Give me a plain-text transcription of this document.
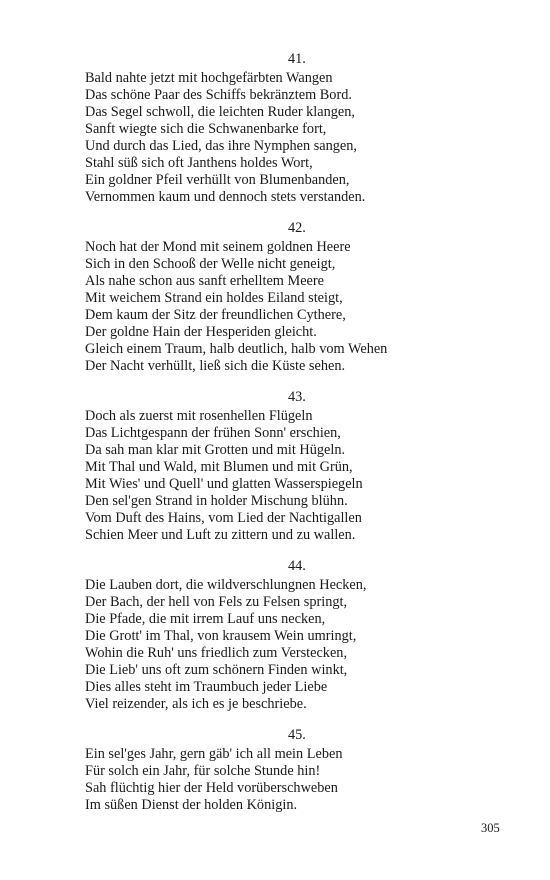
41.
Bald nahte jetzt mit hochgefärbten Wangen
Das schöne Paar des Schiffs bekränztem Bord.
Das Segel schwoll, die leichten Ruder klangen,
Sanft wiegte sich die Schwanenbarke fort,
Und durch das Lied, das ihre Nymphen sangen,
Stahl süß sich oft Janthens holdes Wort,
Ein goldner Pfeil verhüllt von Blumenbanden,
Vernommen kaum und dennoch stets verstanden.
42.
Noch hat der Mond mit seinem goldnen Heere
Sich in den Schooß der Welle nicht geneigt,
Als nahe schon aus sanft erhelltem Meere
Mit weichem Strand ein holdes Eiland steigt,
Dem kaum der Sitz der freundlichen Cythere,
Der goldne Hain der Hesperiden gleicht.
Gleich einem Traum, halb deutlich, halb vom Wehen
Der Nacht verhüllt, ließ sich die Küste sehen.
43.
Doch als zuerst mit rosenhellen Flügeln
Das Lichtgespann der frühen Sonn' erschien,
Da sah man klar mit Grotten und mit Hügeln.
Mit Thal und Wald, mit Blumen und mit Grün,
Mit Wies' und Quell' und glatten Wasserspiegeln
Den sel'gen Strand in holder Mischung blühn.
Vom Duft des Hains, vom Lied der Nachtigallen
Schien Meer und Luft zu zittern und zu wallen.
44.
Die Lauben dort, die wildverschlungnen Hecken,
Der Bach, der hell von Fels zu Felsen springt,
Die Pfade, die mit irrem Lauf uns necken,
Die Grott' im Thal, von krausem Wein umringt,
Wohin die Ruh' uns friedlich zum Verstecken,
Die Lieb' uns oft zum schönern Finden winkt,
Dies alles steht im Traumbuch jeder Liebe
Viel reizender, als ich es je beschriebe.
45.
Ein sel'ges Jahr, gern gäb' ich all mein Leben
Für solch ein Jahr, für solche Stunde hin!
Sah flüchtig hier der Held vorüberschweben
Im süßen Dienst der holden Königin.
305
